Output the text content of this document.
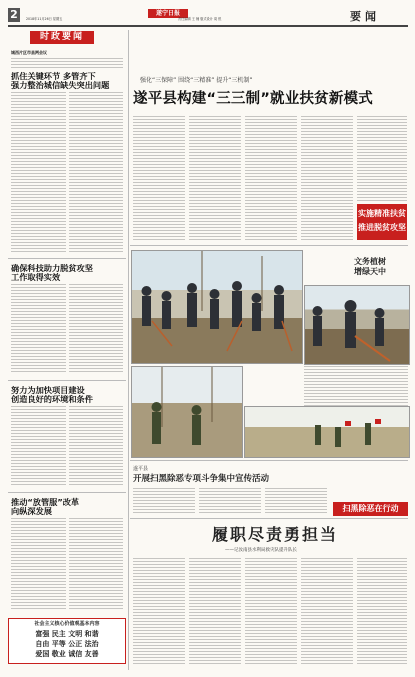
2	遂宁日报
2018年11月26日 星期五	责任编辑 王 楠 版式设计 周 悦	要闻
时政要闻
城西片区市县两会议
抓住关键环节 多管齐下
强力整治城信缺失突出问题
确保科技助力脱贫攻坚
工作取得实效
努力为加快项目建设
创造良好的环境和条件
推动“放管服”改革
向纵深发展
社会主义核心价值观基本内容
富强 民主 文明 和谐
自由 平等 公正 法治
爱国 敬业 诚信 友善
强化“三保障” 围绕“三精准” 提升“三机制”
遂平县构建“三三制”就业扶贫新模式
实施精准扶贫
推进脱贫攻坚
文务植树
增绿天中
遂平县
开展扫黑除恶专项斗争集中宣传活动
扫黑除恶在行动
履职尽责勇担当
——记汝南县水利局救灾队提升队长
